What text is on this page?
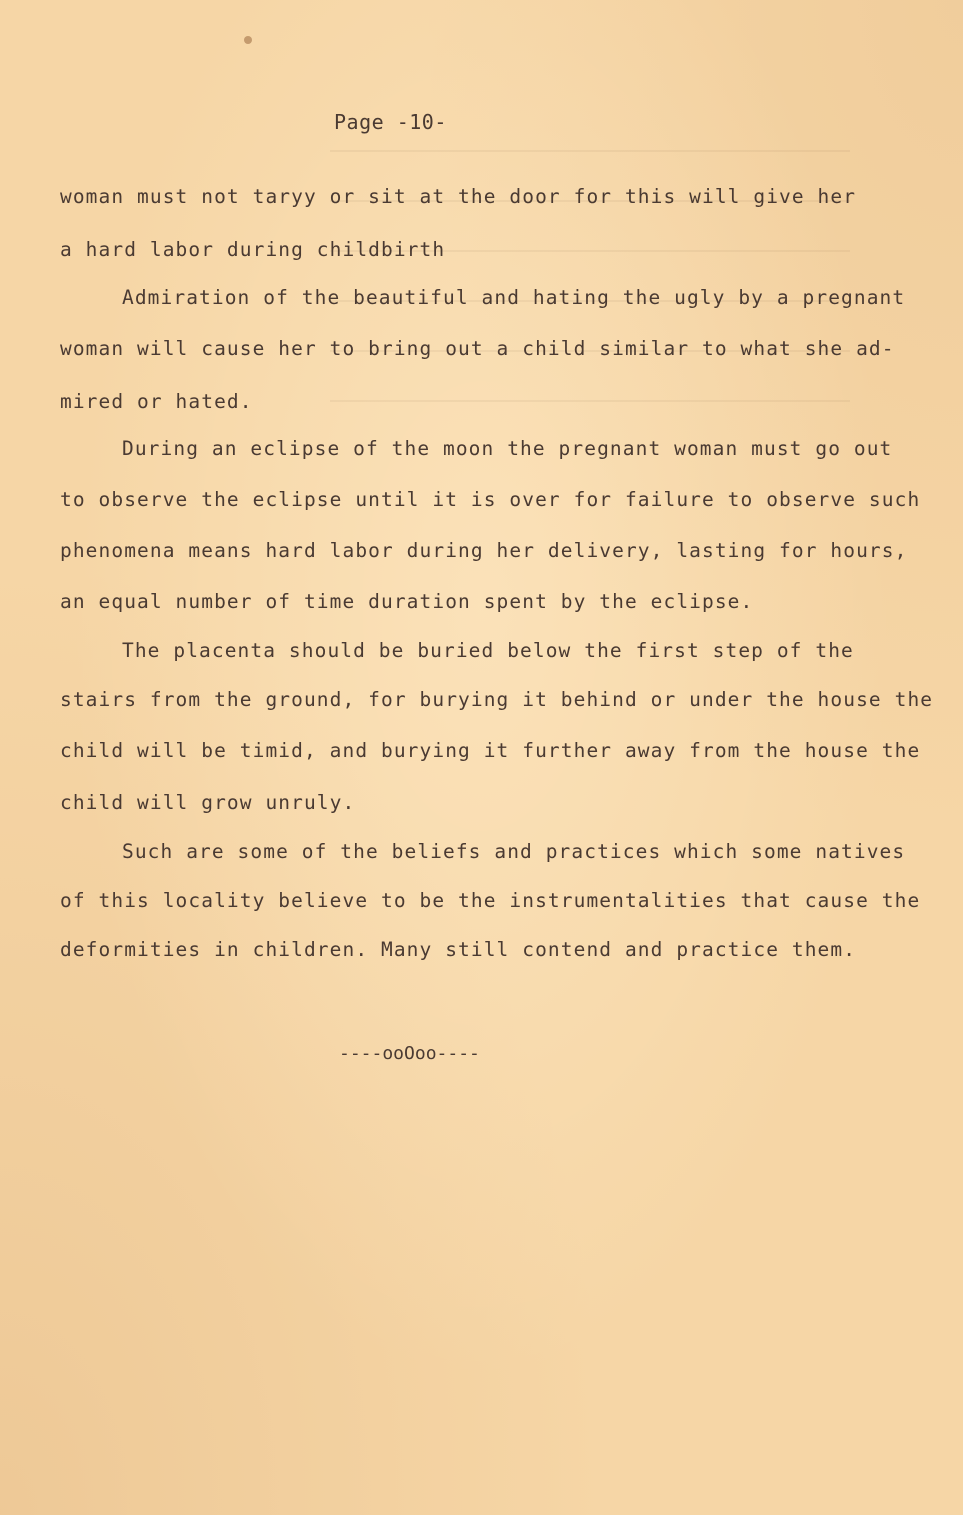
Page -10-
woman must not taryy or sit at the door for this will give her
a hard labor during childbirth
Admiration of the beautiful and hating the ugly by a pregnant
woman will cause her to bring out a child similar to what she ad-
mired or hated.
During an eclipse of the moon the pregnant woman must go out
to observe the eclipse until it is over for failure to observe such
phenomena means hard labor during her delivery, lasting for hours,
an equal number of time duration spent by the eclipse.
The placenta should be buried below the first step of the
stairs from the ground, for burying it behind or under the house the
child will be timid, and burying it further away from the house the
child will grow unruly.
Such are some of the beliefs and practices which some natives
of this locality believe to be the instrumentalities that cause the
deformities in children. Many still contend and practice them.
----ooOoo----
